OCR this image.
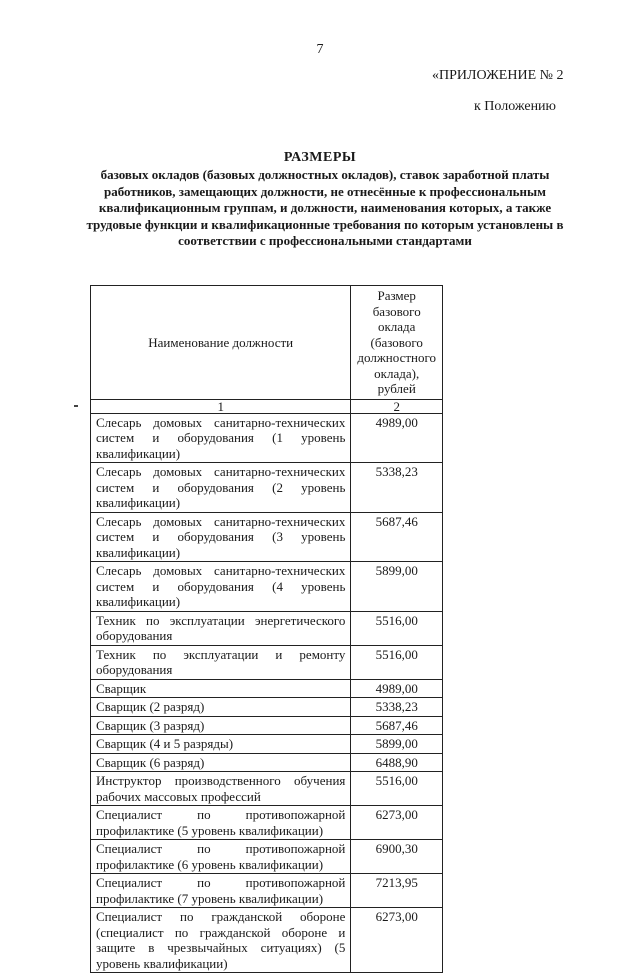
7
«ПРИЛОЖЕНИЕ № 2
к Положению
РАЗМЕРЫ
базовых окладов (базовых должностных окладов), ставок заработной платы работников, замещающих должности, не отнесённые к профессиональным квалификационным группам, и должности, наименования которых, а также трудовые функции и квалификационные требования по которым установлены в соответствии с профессиональными стандартами
Наименование должности	Размер базового оклада (базового должностного оклада), рублей
1	2
Слесарь домовых санитарно-технических систем и оборудования (1 уровень квалификации)	4989,00
Слесарь домовых санитарно-технических систем и оборудования (2 уровень квалификации)	5338,23
Слесарь домовых санитарно-технических систем и оборудования (3 уровень квалификации)	5687,46
Слесарь домовых санитарно-технических систем и оборудования (4 уровень квалификации)	5899,00
Техник по эксплуатации энергетического оборудования	5516,00
Техник по эксплуатации и ремонту оборудования	5516,00
Сварщик	4989,00
Сварщик (2 разряд)	5338,23
Сварщик (3 разряд)	5687,46
Сварщик (4 и 5 разряды)	5899,00
Сварщик (6 разряд)	6488,90
Инструктор производственного обучения рабочих массовых профессий	5516,00
Специалист по противопожарной профилактике (5 уровень квалификации)	6273,00
Специалист по противопожарной профилактике (6 уровень квалификации)	6900,30
Специалист по противопожарной профилактике (7 уровень квалификации)	7213,95
Специалист по гражданской обороне (специалист по гражданской обороне и защите в чрезвычайных ситуациях) (5 уровень квалификации)	6273,00
